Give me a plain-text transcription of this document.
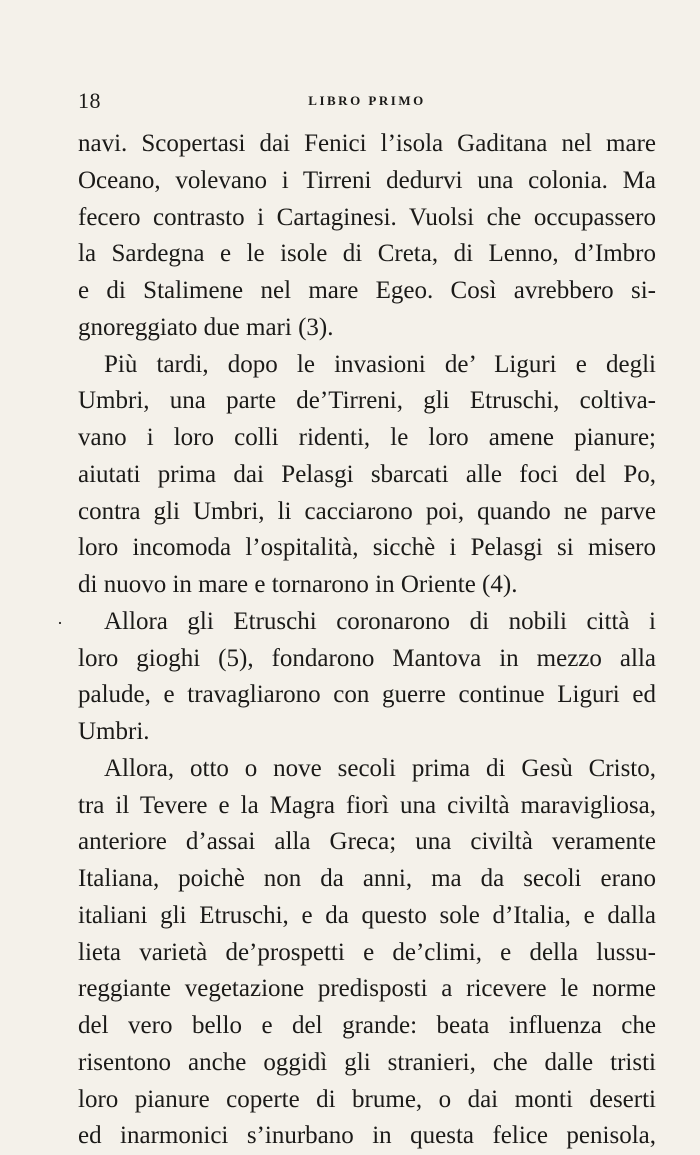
18	LIBRO PRIMO
·
navi. Scopertasi dai Fenici l’isola Gaditana nel mare
Oceano, volevano i Tirreni dedurvi una colonia. Ma
fecero contrasto i Cartaginesi. Vuolsi che occupassero
la Sardegna e le isole di Creta, di Lenno, d’Imbro
e di Stalimene nel mare Egeo. Così avrebbero si-
gnoreggiato due mari (3).
Più tardi, dopo le invasioni de’ Liguri e degli
Umbri, una parte de’Tirreni, gli Etruschi, coltiva-
vano i loro colli ridenti, le loro amene pianure;
aiutati prima dai Pelasgi sbarcati alle foci del Po,
contra gli Umbri, li cacciarono poi, quando ne parve
loro incomoda l’ospitalità, sicchè i Pelasgi si misero
di nuovo in mare e tornarono in Oriente (4).
Allora gli Etruschi coronarono di nobili città i
loro gioghi (5), fondarono Mantova in mezzo alla
palude, e travagliarono con guerre continue Liguri ed
Umbri.
Allora, otto o nove secoli prima di Gesù Cristo,
tra il Tevere e la Magra fiorì una civiltà maravigliosa,
anteriore d’assai alla Greca; una civiltà veramente
Italiana, poichè non da anni, ma da secoli erano
italiani gli Etruschi, e da questo sole d’Italia, e dalla
lieta varietà de’prospetti e de’climi, e della lussu-
reggiante vegetazione predisposti a ricevere le norme
del vero bello e del grande: beata influenza che
risentono anche oggidì gli stranieri, che dalle tristi
loro pianure coperte di brume, o dai monti deserti
ed inarmonici s’inurbano in questa felice penisola,
